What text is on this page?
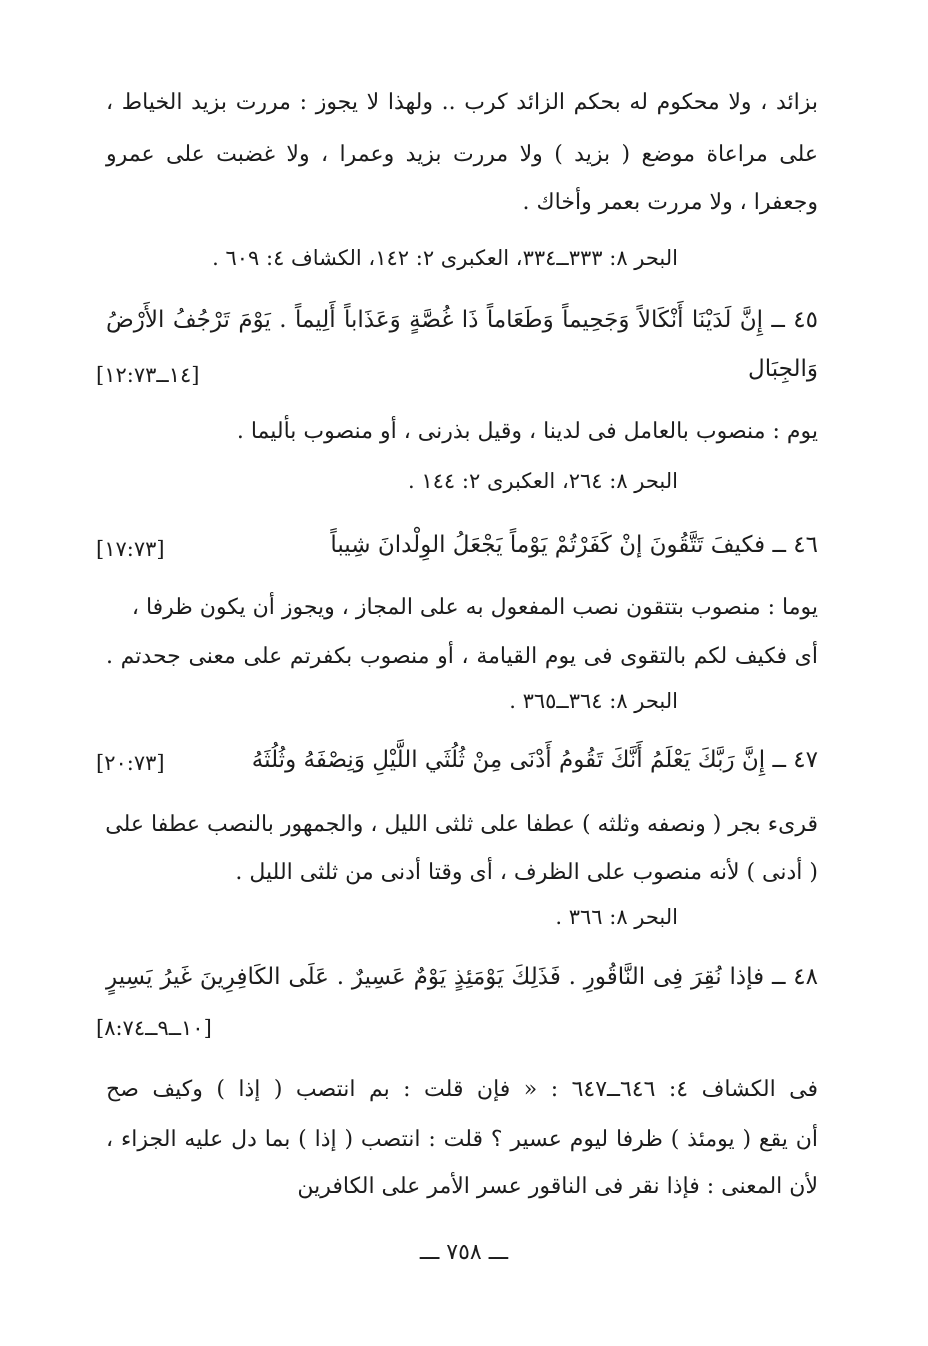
بزائد ، ولا محكوم له بحكم الزائد كرب .. ولهذا لا يجوز : مررت بزيد الخياط ،
على مراعاة موضع ( بزيد ) ولا مررت بزيد وعمرا ، ولا غضبت على عمرو
وجعفرا ، ولا مررت بعمر وأخاك .
البحر ٨: ٣٣٣ــ٣٣٤، العكبرى ٢: ١٤٢، الكشاف ٤: ٦٠٩ .
٤٥ ــ إِنَّ لَدَيْنَا أَنْكَالاً وَجَحِيماً وَطَعَاماً ذَا غُصَّةٍ وَعَذَاباً أَلِيماً . يَوْمَ تَرْجُفُ الأَرْضُ
وَالجِبَال
[١٤ــ١٢:٧٣]
يوم : منصوب بالعامل فى لدينا ، وقيل بذرنى ، أو منصوب بأليما .
البحر ٨: ٢٦٤، العكبرى ٢: ١٤٤ .
٤٦ ــ فكيفَ تَتَّقُونَ إنْ كَفَرْتُمْ يَوْماً يَجْعَلُ الوِلْدانَ شِيباً
[١٧:٧٣]
يوما : منصوب بتتقون نصب المفعول به على المجاز ، ويجوز أن يكون ظرفا ،
أى فكيف لكم بالتقوى فى يوم القيامة ، أو منصوب بكفرتم على معنى جحدتم .
البحر ٨: ٣٦٤ــ٣٦٥ .
٤٧ ــ إِنَّ رَبَّكَ يَعْلَمُ أَنَّكَ تَقُومُ أَدْنَى مِنْ ثُلُثَي اللَّيْلِ وَنِصْفَهُ وثُلُثَهُ
[٢٠:٧٣]
قرىء بجر ( ونصفه وثلثه ) عطفا على ثلثى الليل ، والجمهور بالنصب عطفا على
( أدنى ) لأنه منصوب على الظرف ، أى وقتا أدنى من ثلثى الليل .
البحر ٨: ٣٦٦ .
٤٨ ــ فإذا نُقِرَ فِى النَّاقُورِ . فَذَلِكَ يَوْمَئِذٍ يَوْمٌ عَسِيرٌ . عَلَى الكَافِرِينَ غَيرُ يَسِيرٍ
[١٠ــ٩ــ٨:٧٤]
فى الكشاف ٤: ٦٤٦ــ٦٤٧ : « فإن قلت : بم انتصب ( إذا ) وكيف صح
أن يقع ( يومئذ ) ظرفا ليوم عسير ؟ قلت : انتصب ( إذا ) بما دل عليه الجزاء ،
لأن المعنى : فإذا نقر فى الناقور عسر الأمر على الكافرين
ـــ ٧٥٨ ـــ
